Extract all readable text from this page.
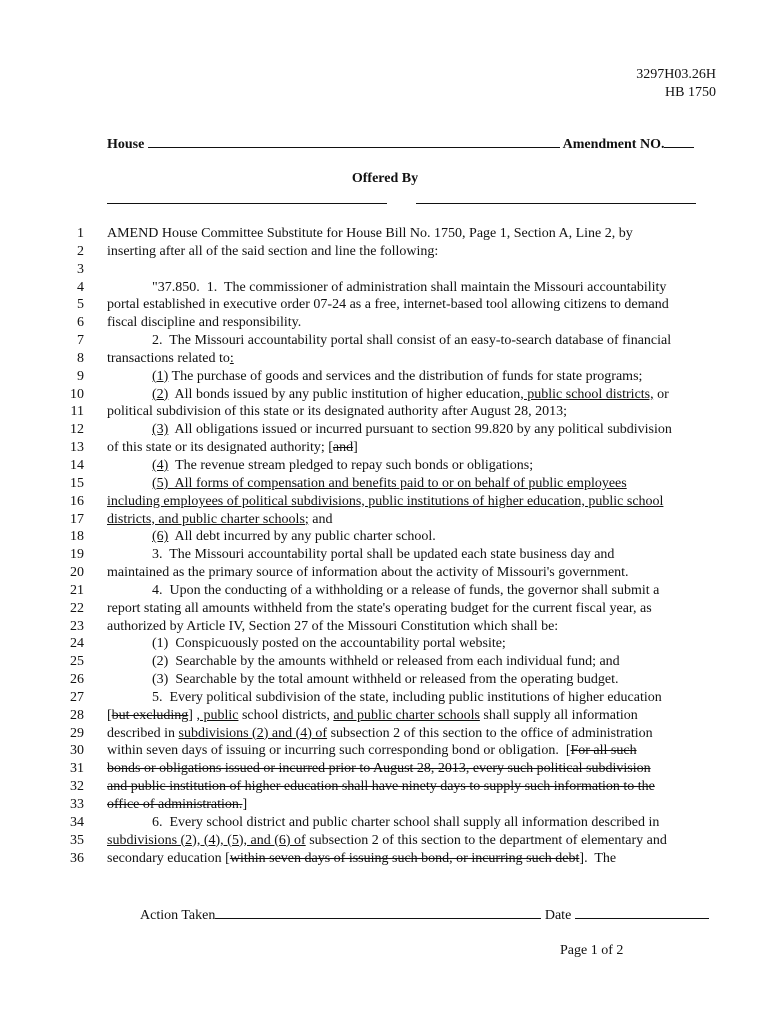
3297H03.26H
HB 1750
House	Amendment NO.
Offered By
1 AMEND House Committee Substitute for House Bill No. 1750, Page 1, Section A, Line 2, by
2 inserting after all of the said section and line the following:
3
4	"37.850.  1.  The commissioner of administration shall maintain the Missouri accountability
5 portal established in executive order 07-24 as a free, internet-based tool allowing citizens to demand
6 fiscal discipline and responsibility.
7	2.  The Missouri accountability portal shall consist of an easy-to-search database of financial
8 transactions related to:
9	(1) The purchase of goods and services and the distribution of funds for state programs;
10	(2)  All bonds issued by any public institution of higher education, public school districts, or
11 political subdivision of this state or its designated authority after August 28, 2013;
12	(3)  All obligations issued or incurred pursuant to section 99.820 by any political subdivision
13 of this state or its designated authority; [and]
14	(4)  The revenue stream pledged to repay such bonds or obligations;
15	(5)  All forms of compensation and benefits paid to or on behalf of public employees
16 including employees of political subdivisions, public institutions of higher education, public school
17 districts, and public charter schools; and
18	(6)  All debt incurred by any public charter school.
19	3.  The Missouri accountability portal shall be updated each state business day and
20 maintained as the primary source of information about the activity of Missouri's government.
21	4.  Upon the conducting of a withholding or a release of funds, the governor shall submit a
22 report stating all amounts withheld from the state's operating budget for the current fiscal year, as
23 authorized by Article IV, Section 27 of the Missouri Constitution which shall be:
24	(1)  Conspicuously posted on the accountability portal website;
25	(2)  Searchable by the amounts withheld or released from each individual fund; and
26	(3)  Searchable by the total amount withheld or released from the operating budget.
27	5.  Every political subdivision of the state, including public institutions of higher education
28 [but excluding] , public school districts, and public charter schools shall supply all information
29 described in subdivisions (2) and (4) of subsection 2 of this section to the office of administration
30 within seven days of issuing or incurring such corresponding bond or obligation.  [For all such
31 bonds or obligations issued or incurred prior to August 28, 2013, every such political subdivision
32 and public institution of higher education shall have ninety days to supply such information to the
33 office of administration.]
34	6.  Every school district and public charter school shall supply all information described in
35 subdivisions (2), (4), (5), and (6) of subsection 2 of this section to the department of elementary and
36 secondary education [within seven days of issuing such bond, or incurring such debt].  The
Action Taken	Date
Page 1 of 2
